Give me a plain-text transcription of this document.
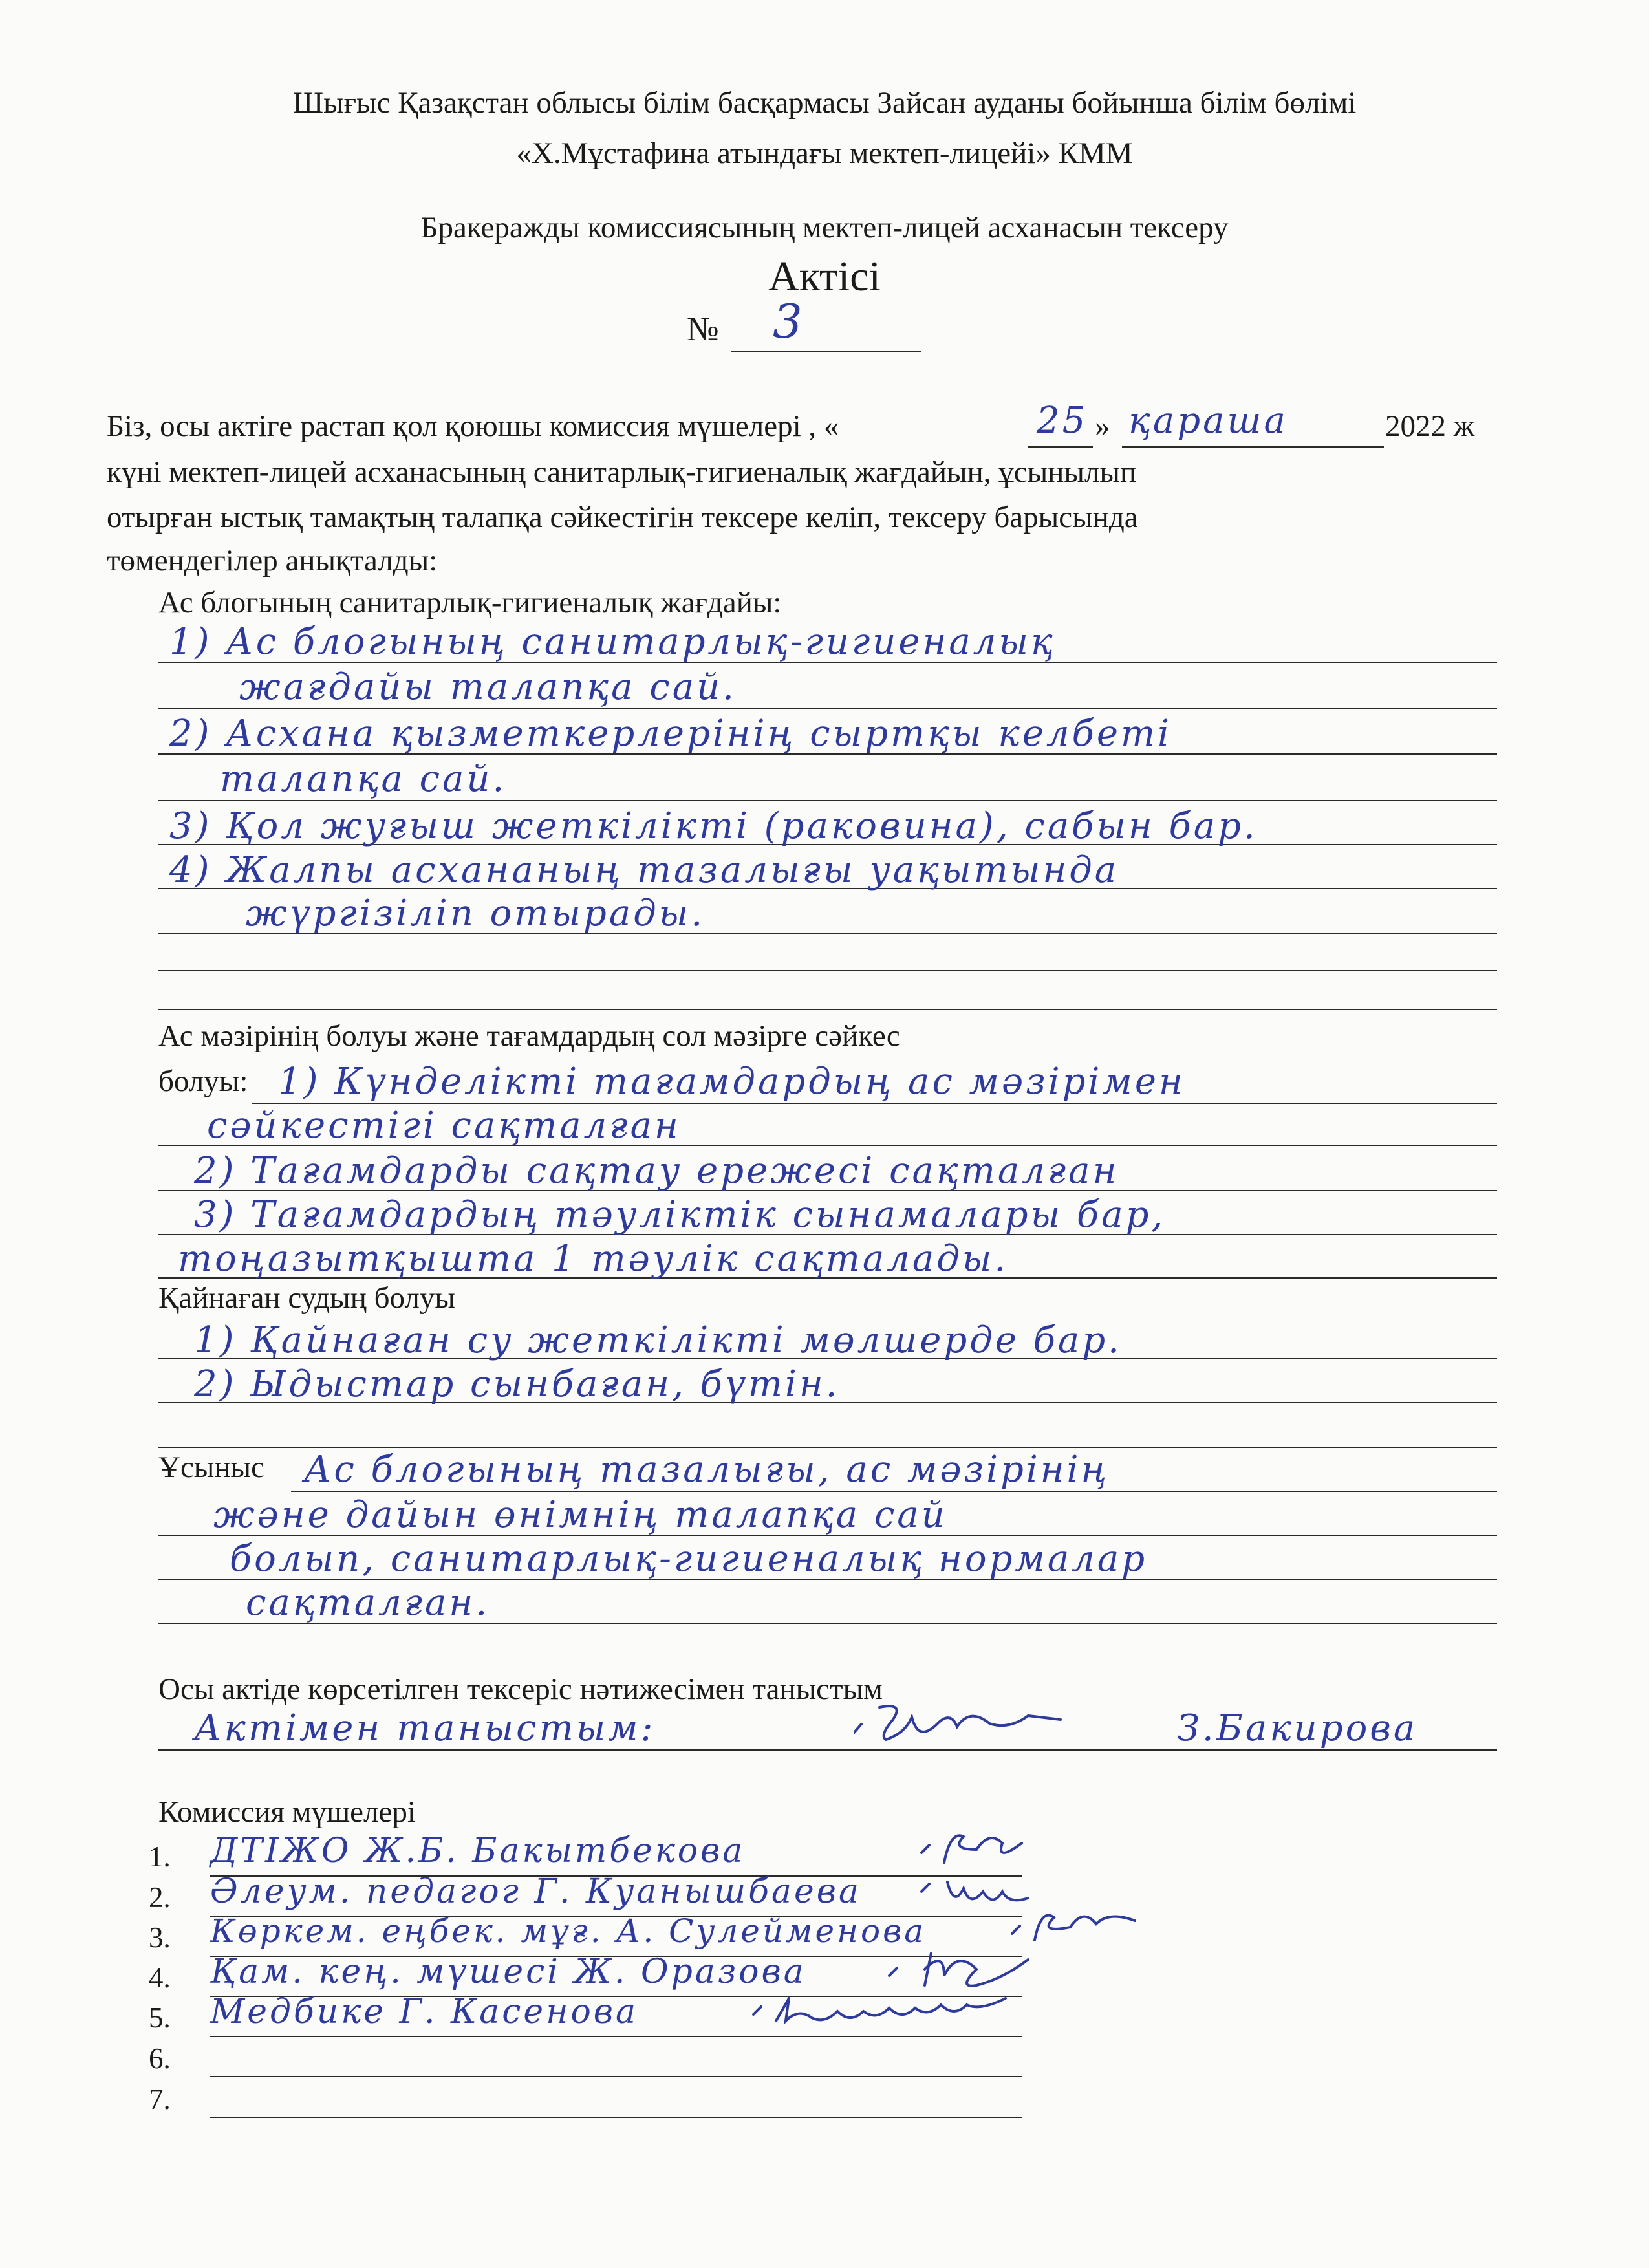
Шығыс Қазақстан облысы білім басқармасы Зайсан ауданы бойынша білім бөлімі
«Х.Мұстафина атындағы мектеп-лицейі» КММ
Бракеражды комиссиясының мектеп-лицей асханасын тексеру
Актісі
№ 3
Біз, осы актіге растап қол қоюшы комиссия мүшелері , «	25 » қараша	2022 ж
күні мектеп-лицей асханасының санитарлық-гигиеналық жағдайын, ұсынылып
отырған ыстық тамақтың талапқа сәйкестігін тексере келіп, тексеру барысында
төмендегілер анықталды:
Ас блогының санитарлық-гигиеналық жағдайы:
1) Ас блогының санитарлық-гигиеналық
жағдайы талапқа сай.
2) Асхана қызметкерлерінің сыртқы келбеті
талапқа сай.
3) Қол жуғыш жеткілікті (раковина), сабын бар.
4) Жалпы асхананың тазалығы уақытында
жүргізіліп отырады.
Ас мәзірінің болуы және тағамдардың сол мәзірге сәйкес
болуы: 1) Күнделікті тағамдардың ас мәзірімен
сәйкестігі сақталған
2) Тағамдарды сақтау ережесі сақталған
3) Тағамдардың тәуліктік сынамалары бар,
тоңазытқышта 1 тәулік сақталады.
Қайнаған судың болуы
1) Қайнаған су жеткілікті мөлшерде бар.
2) Ыдыстар сынбаған, бүтін.
Ұсыныс Ас блогының тазалығы, ас мәзірінің
және дайын өнімнің талапқа сай
болып, санитарлық-гигиеналық нормалар
сақталған.
Осы актіде көрсетілген тексеріс нәтижесімен таныстым
Актімен таныстым:	З.Бакирова
Комиссия мүшелері
1. ДТІЖО Ж.Б. Бакытбекова
2. Әлеум. педагог Г. Куанышбаева
3. Көркем. еңбек. мұғ. А. Сулейменова
4. Қам. кең. мүшесі Ж. Оразова
5. Медбике Г. Касенова
6.
7.
